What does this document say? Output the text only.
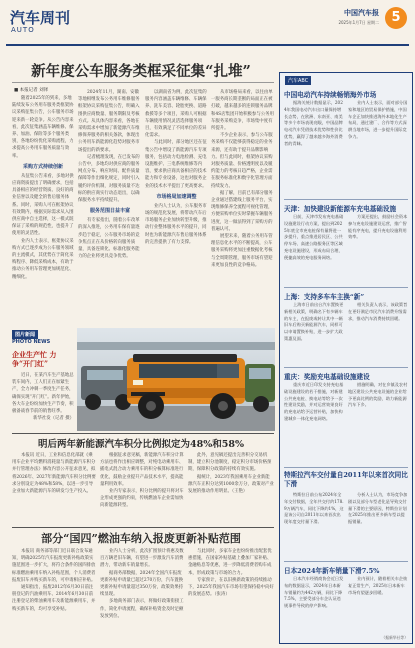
汽车周刊
AUTO
中国汽车报
2025年1月7日 星期二 5
新年度公车服务类框采征集“扎堆”
■ 本报记者 刘铎

随着2025年的到来，多地陆续发布公务用车服务类框架协议采购征集公告，公车服务市场迎来新一轮竞争。从公告内容来看，此次征集涵盖车辆维修、保养、加油、保险等多个服务类别，各地纷纷优化采购流程，力求提高公务用车服务质量与效率。

采购方式持续创新

从征集公告来看，多地对供应商资质提出了明确要求，包括具备相应的经营资质、良好的商业信誉以及健全的售后服务体系。同时，采购人可在框架协议有效期内，根据实际需求从入围供应商中自主选择，这一模式既保证了采购的规范性，也提升了使用的灵活性。

业内人士表示，框架协议采购方式已逐步成为公车服务领域的主流模式，其优势在于简化采购程序、降低采购成本，有助于推动公务用车管理更加规范化、精细化。

2024年11月，湖南、安徽等地相继发布公务用车维修服务框架协议采购征集公告，明确入围供应商数量、服务期限及考核方式。从具体内容来看，各地在采购需求中增加了新能源汽车维修保养服务的相关条款，体现出公务用车新能源化趋势对服务市场提出的新要求。

记者梳理发现，在已发布的公告中，多地均对供应商的服务网点分布、响应时间、配件质量保障等作出细化规定，同时引入履约评价机制，对服务质量不达标的供应商实行动态退出，以确保服务水平持续提升。

服务范围日益丰富

有专家指出，随着公车改革的深入推进，公务用车保有量逐步趋于稳定，公车服务市场的竞争焦点正在从价格转向服务质量，具备连锁化、标准化服务能力的企业将更具竞争优势。

以湖南省为例，此次征集的服务内容涵盖车辆维修、车辆保养、洗车美容、轮胎更换、道路救援等多个项目，采购人可根据车辆使用情况灵活选择服务项目，有效满足了不同单位的差异化需求。

与此同时，部分地区还在征集公告中增设了新能源汽车专项服务，包括动力电池检测、充电设施维护、三电系统维修等内容，要求供应商具备相应的技术能力和专业设备，这也对服务企业的技术水平提出了更高要求。

市场格局加速调整

业内人士认为，公车服务市场的规范化发展，将带动汽车后市场服务企业加快转型升级，推动行业整体服务水平的提升，同时也为新能源汽车售后服务体系的完善提供了有力支撑。

从市场格局来看，以往由单一服务商长期垄断的局面正在被打破，越来越多的连锁服务品牌和4S店集团开始积极参与公务用车服务采购竞争，市场集中度有所提升。

不少企业表示，参与公车服务采购不仅能够获得稳定的业务来源，还有助于提升品牌影响力。但与此同时，框架协议采购对服务质量、价格透明度以及履约能力的考核日趋严格，企业需在服务标准化和数字化管理方面持续发力。

据了解，目前已有部分服务企业通过搭建线上服务平台，实现维修保养全流程可视化管理，方便采购单位实时掌握车辆服务进度，这一做法得到了采购方的普遍认可。

展望未来，随着公务用车管理信息化水平的不断提高，公车服务采购将更加注重数据化考核与全周期管理，服务市场有望迎来更加良性的竞争格局。

图片新闻
PHOTO NEWS
企业生产忙 力争“开门红”

近日，在某汽车生产基地总装车间内，工人们正在加紧生产，全力冲刺一季度生产任务，确保实现“开门红”。新年伊始，各大车企纷纷加快生产节奏，积极备战春节前的销售旺季。

新华社发（记者 摄）

明后两年新能源汽车积分比例拟定为48%和58%

本报讯 近日，工业和信息化部就《乘用车企业平均燃料消耗量与新能源汽车积分并行管理办法》修改内容公开征求意见，拟将2026年、2027年新能源汽车积分比例要求分别设定为48%和58%，以进一步引导企业加大新能源汽车的研发与生产投入。

根据征求意见稿，新能源汽车积分计算方法也将作出相应调整，对纯电动乘用车、插电式混合动力乘用车的积分核算标准进行优化，鼓励企业提升产品技术水平，提高能量利用效率。

业内专家表示，积分比例的提升将对车企形成更强的约束，传统燃油车企业需加快向新能源转型。

此外，意见稿还提出完善积分交易机制，建立积分池制度，稳定积分市场价格预期，保障积分政策的持续有效实施。

据统计，2023年我国乘用车企业新能源汽车正积分达到1000余万分，政策对产业发展的推动作用明显。（王艳）

部分“国四”燃油车纳入报废更新补贴范围

本报讯 商务部等部门近日联合发布通知，明确2025年汽车报废更新补贴政策实施范围进一步扩大，将符合条件的国四排放标准燃油乘用车纳入补贴范围，个人消费者报废旧车并购买新车的，可申请相应补贴。

通知指出，报废2012年6月30日前注册登记的汽油乘用车、2014年6月30日前注册登记的柴油乘用车及新能源乘用车，并购买新车的，均可享受补贴。

业内人士分析，此次扩围预计将惠及数百万辆老旧车辆，有望进一步激发汽车消费潜力，带动新车销量增长。

据商务部数据，2024年全国汽车报废更新补贴申请量已超过270万份，汽车置换更新补贴申请量超过350万份，政策效果持续显现。

多地商务部门表示，将做好政策衔接工作，简化申请流程，确保补贴资金及时足额发放到位。

与此同时，多家车企也纷纷推出配套优惠措施，在国家补贴基础上叠加厂家补贴、金融贴息等优惠，进一步降低消费者购车成本，形成政策与市场的合力。

专家预计，在以旧换新政策的持续推动下，2025年我国汽车市场有望保持稳中向好的发展态势。（张涛）

汽车ABC
中国电动汽车持续畅销海外市场

据海关统计数据显示，2024年我国电动汽车出口量保持增长态势，在欧洲、东南亚、南美等多个市场表现亮眼，中国品牌电动汽车凭借技术优势和性价比优势，赢得了越来越多海外消费者的青睐。

业内人士表示，面对部分国家和地区的贸易保护措施，中国车企正加快推进海外本地化生产布局，通过建厂、合作等方式深耕当地市场，进一步提升国际竞争力。

天津：加快建设新能源车充电基础设施

日前，天津市发布充电基础设施建设行动方案，提出到2025年底全市充电桩保有量将进一步提升，重点推进居民区、公共停车场、高速公路服务区等区域充电设施建设，形成布局合理、便捷高效的充电服务网络。

方案还提出，鼓励社会资本参与充电设施建设运营，推广智能有序充电，提升充电设施利用效率。

上海：支持多车车主换“新”

上海市日前出台汽车置换更新相关政策，明确名下有多辆车的车主，在报废或转让其中一辆旧车后购买新能源汽车，同样可以申请置换补贴，进一步扩大政策惠及面。

相关负责人表示，该政策旨在更好满足市民汽车消费升级需求，推动汽车消费持续回暖。

重庆：奖励充电基础设施建设

重庆市近日印发支持充电基础设施建设的若干措施，对新建公共充电桩、换电站等给予一次性建设奖励，并对运营效果良好的充电站给予运营补贴，加快构建城乡一体化充电网络。

措施明确，对在乡镇及农村地区建设公共充电设施的企业给予更高比例的奖励，助力新能源汽车下乡。

特斯拉汽车交付量自2011年以来首次同比下滑

特斯拉日前公布2024年全年交付数据，全年共交付约178.9万辆汽车，同比下降约1%，这是该公司自2011年以来首次出现年度交付量下滑。

分析人士认为，市场竞争加剧以及部分车型老化是导致交付量下滑的主要原因，特斯拉计划在2025年推出更多新车型以提振销量。

日本2024年新车销量下滑7.5%

日本汽车经销商协会近日发布的数据显示，2024年日本新车销量约为442万辆，同比下降7.5%，主要受部分车企认证违规事件导致的停产影响。

业内预计，随着相关车企恢复正常生产，2025年日本新车市场有望逐步回暖。

（据新华社等）
